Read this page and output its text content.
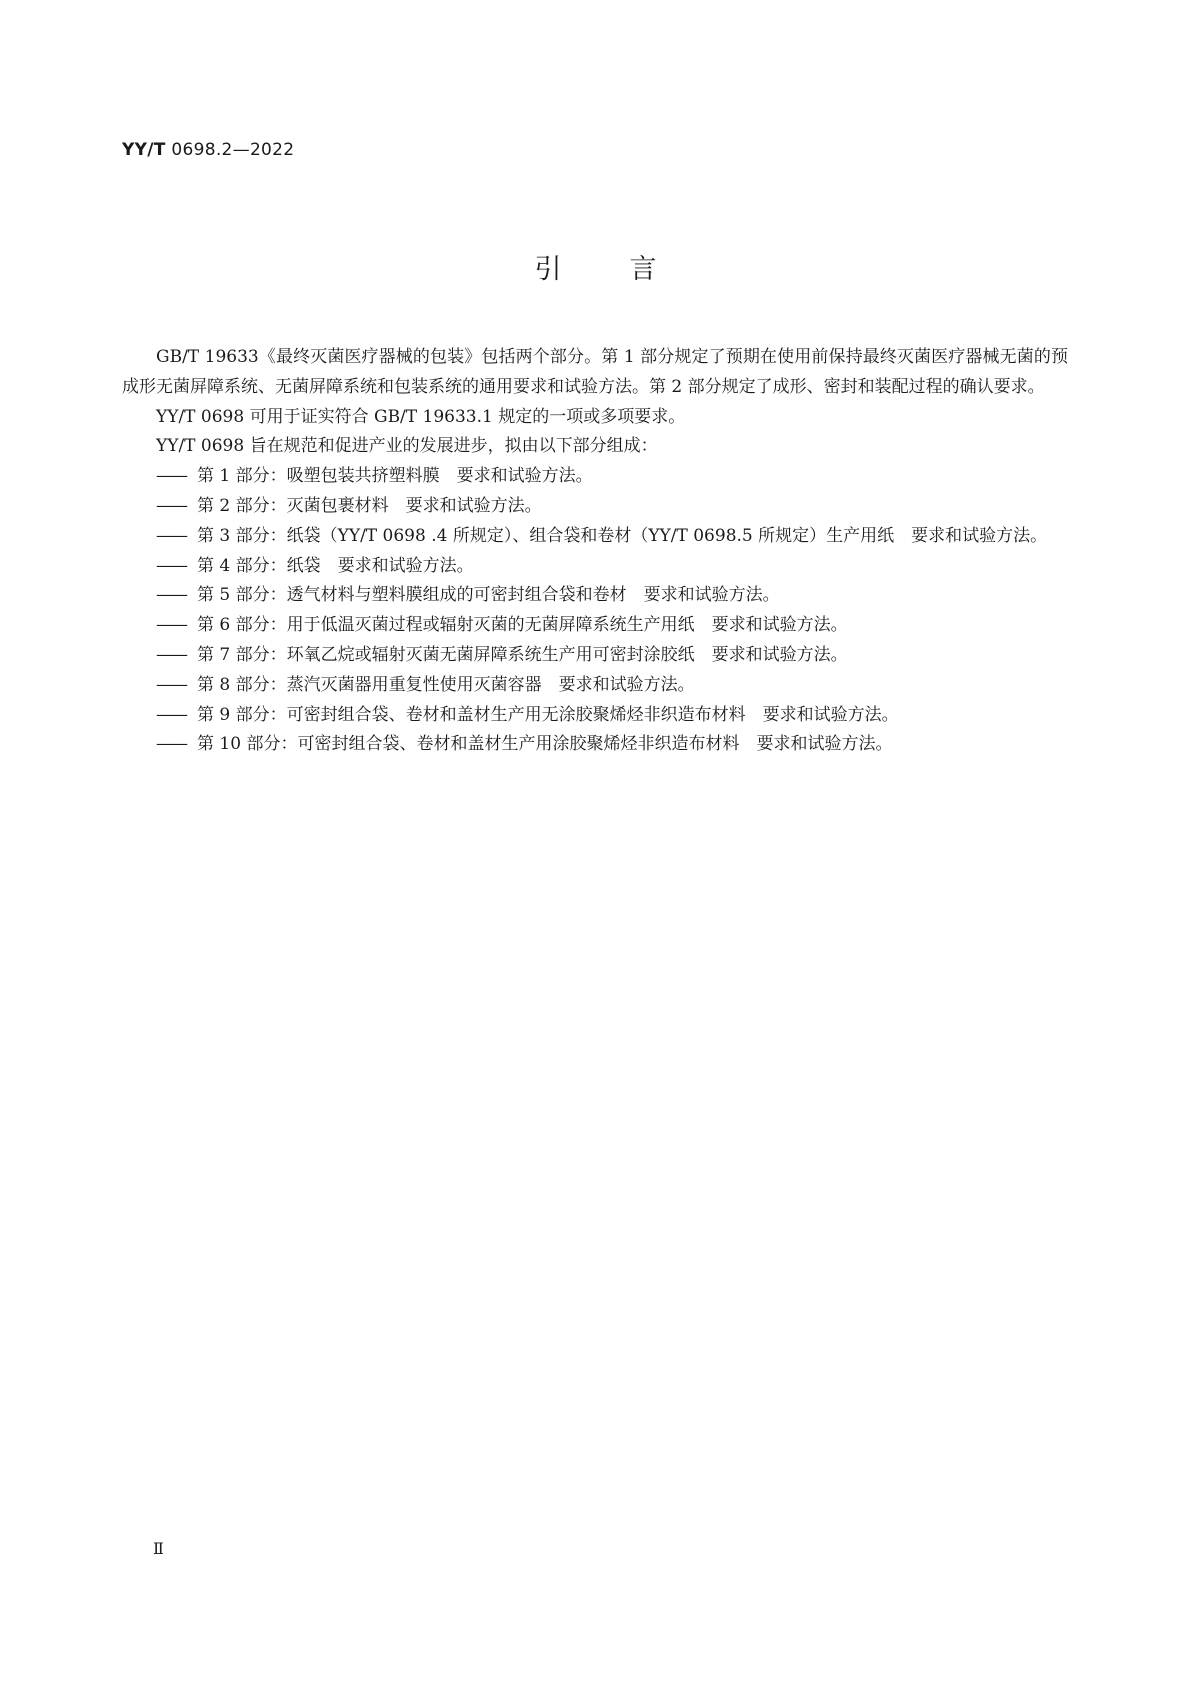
YY/T 0698.2—2022
引言

GB/T 19633《最终灭菌医疗器械的包装》包括两个部分。第 1 部分规定了预期在使用前保持最终灭菌医疗器械无菌的预成形无菌屏障系统、无菌屏障系统和包装系统的通用要求和试验方法。第 2 部分规定了成形、密封和装配过程的确认要求。

YY/T 0698 可用于证实符合 GB/T 19633.1 规定的一项或多项要求。

YY/T 0698 旨在规范和促进产业的发展进步，拟由以下部分组成：

—— 第 1 部分：吸塑包装共挤塑料膜　要求和试验方法。
—— 第 2 部分：灭菌包裹材料　要求和试验方法。
—— 第 3 部分：纸袋（YY/T 0698 .4 所规定）、组合袋和卷材（YY/T 0698.5 所规定）生产用纸　要求和试验方法。
—— 第 4 部分：纸袋　要求和试验方法。
—— 第 5 部分：透气材料与塑料膜组成的可密封组合袋和卷材　要求和试验方法。
—— 第 6 部分：用于低温灭菌过程或辐射灭菌的无菌屏障系统生产用纸　要求和试验方法。
—— 第 7 部分：环氧乙烷或辐射灭菌无菌屏障系统生产用可密封涂胶纸　要求和试验方法。
—— 第 8 部分：蒸汽灭菌器用重复性使用灭菌容器　要求和试验方法。
—— 第 9 部分：可密封组合袋、卷材和盖材生产用无涂胶聚烯烃非织造布材料　要求和试验方法。
—— 第 10 部分：可密封组合袋、卷材和盖材生产用涂胶聚烯烃非织造布材料　要求和试验方法。
Ⅱ
